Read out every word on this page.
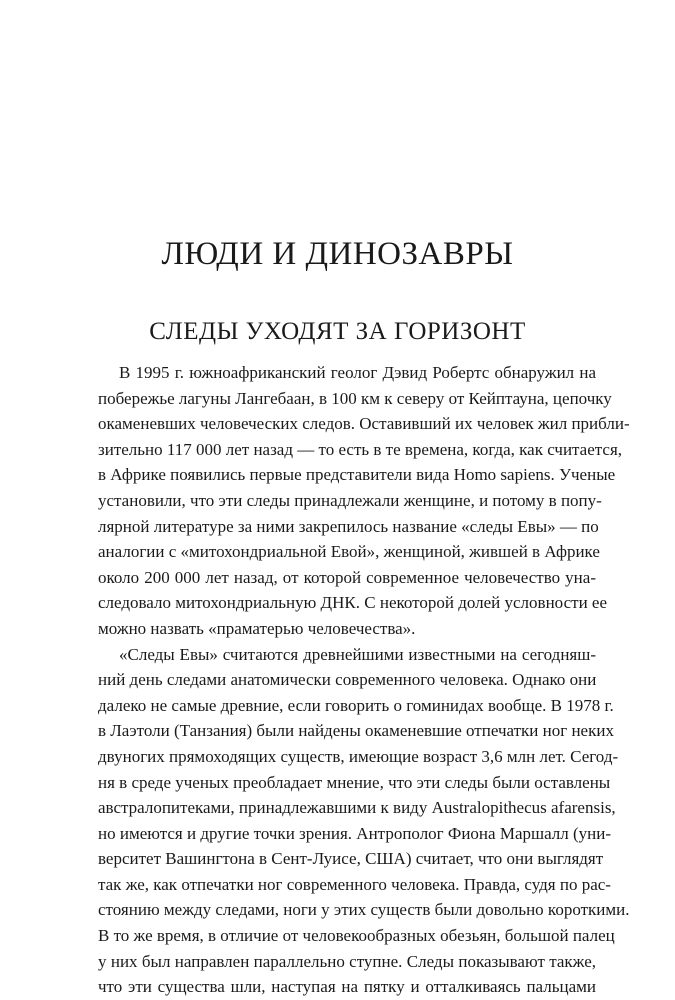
ЛЮДИ И ДИНОЗАВРЫ
СЛЕДЫ УХОДЯТ ЗА ГОРИЗОНТ
В 1995 г. южноафриканский геолог Дэвид Робертс обнаружил на
побережье лагуны Лангебаан, в 100 км к северу от Кейптауна, цепочку
окаменевших человеческих следов. Оставивший их человек жил прибли-
зительно 117 000 лет назад — то есть в те времена, когда, как считается,
в Африке появились первые представители вида Homo sapiens. Ученые
установили, что эти следы принадлежали женщине, и потому в попу-
лярной литературе за ними закрепилось название «следы Евы» — по
аналогии с «митохондриальной Евой», женщиной, жившей в Африке
около 200 000 лет назад, от которой современное человечество уна-
следовало митохондриальную ДНК. С некоторой долей условности ее
можно назвать «праматерью человечества».
«Следы Евы» считаются древнейшими известными на сегодняш-
ний день следами анатомически современного человека. Однако они
далеко не самые древние, если говорить о гоминидах вообще. В 1978 г.
в Лаэтоли (Танзания) были найдены окаменевшие отпечатки ног неких
двуногих прямоходящих существ, имеющие возраст 3,6 млн лет. Сегод-
ня в среде ученых преобладает мнение, что эти следы были оставлены
австралопитеками, принадлежавшими к виду Australopithecus afarensis,
но имеются и другие точки зрения. Антрополог Фиона Маршалл (уни-
верситет Вашингтона в Сент-Луисе, США) считает, что они выглядят
так же, как отпечатки ног современного человека. Правда, судя по рас-
стоянию между следами, ноги у этих существ были довольно короткими.
В то же время, в отличие от человекообразных обезьян, большой палец
у них был направлен параллельно ступне. Следы показывают также,
что эти существа шли, наступая на пятку и отталкиваясь пальцами
